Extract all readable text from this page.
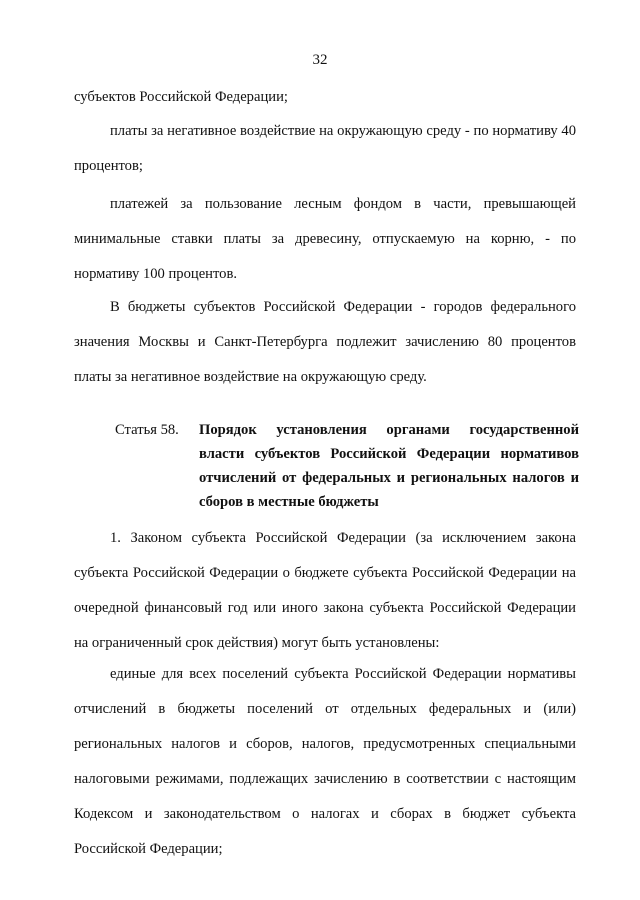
32
субъектов Российской Федерации;
платы за негативное воздействие на окружающую среду - по нормативу 40 процентов;
платежей за пользование лесным фондом в части, превышающей минимальные ставки платы за древесину, отпускаемую на корню, - по нормативу 100 процентов.
В бюджеты субъектов Российской Федерации - городов федерального значения Москвы и Санкт-Петербурга подлежит зачислению 80 процентов платы за негативное воздействие на окружающую среду.
Статья 58.	Порядок установления органами государственной власти субъектов Российской Федерации нормативов отчислений от федеральных и региональных налогов и сборов в местные бюджеты
1. Законом субъекта Российской Федерации (за исключением закона субъекта Российской Федерации о бюджете субъекта Российской Федерации на очередной финансовый год или иного закона субъекта Российской Федерации на ограниченный срок действия) могут быть установлены:
единые для всех поселений субъекта Российской Федерации нормативы отчислений в бюджеты поселений от отдельных федеральных и (или) региональных налогов и сборов, налогов, предусмотренных специальными налоговыми режимами, подлежащих зачислению в соответствии с настоящим Кодексом и законодательством о налогах и сборах в бюджет субъекта Российской Федерации;
